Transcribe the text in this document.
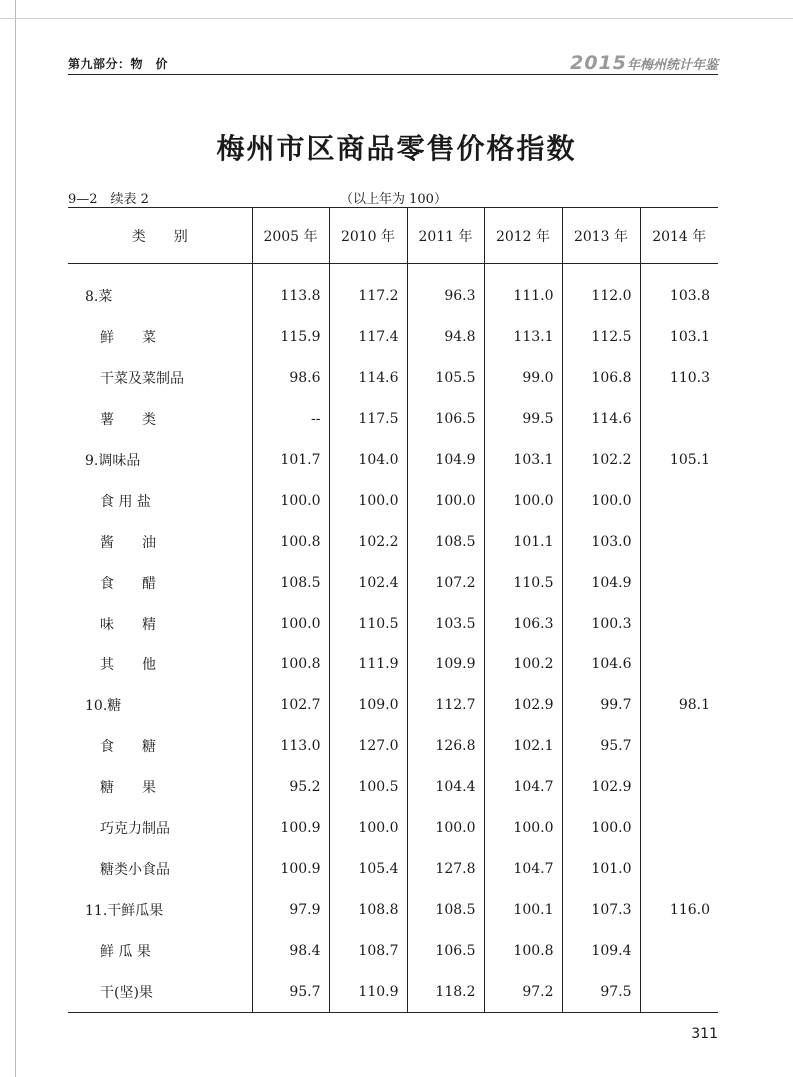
第九部分：物　价	2015年梅州统计年鉴
梅州市区商品零售价格指数
9—2　续表 2	（以上年为 100）
类　　别	2005 年	2010 年	2011 年	2012 年	2013 年	2014 年

8.菜	113.8	117.2	96.3	111.0	112.0	103.8
鲜　　菜	115.9	117.4	94.8	113.1	112.5	103.1
干菜及菜制品	98.6	114.6	105.5	99.0	106.8	110.3
薯　　类	--	117.5	106.5	99.5	114.6	
9.调味品	101.7	104.0	104.9	103.1	102.2	105.1
食 用 盐	100.0	100.0	100.0	100.0	100.0	
酱　　油	100.8	102.2	108.5	101.1	103.0	
食　　醋	108.5	102.4	107.2	110.5	104.9	
味　　精	100.0	110.5	103.5	106.3	100.3	
其　　他	100.8	111.9	109.9	100.2	104.6	
10.糖	102.7	109.0	112.7	102.9	99.7	98.1
食　　糖	113.0	127.0	126.8	102.1	95.7	
糖　　果	95.2	100.5	104.4	104.7	102.9	
巧克力制品	100.9	100.0	100.0	100.0	100.0	
糖类小食品	100.9	105.4	127.8	104.7	101.0	
11.干鲜瓜果	97.9	108.8	108.5	100.1	107.3	116.0
鲜 瓜 果	98.4	108.7	106.5	100.8	109.4	
干(坚)果	95.7	110.9	118.2	97.2	97.5	
311
